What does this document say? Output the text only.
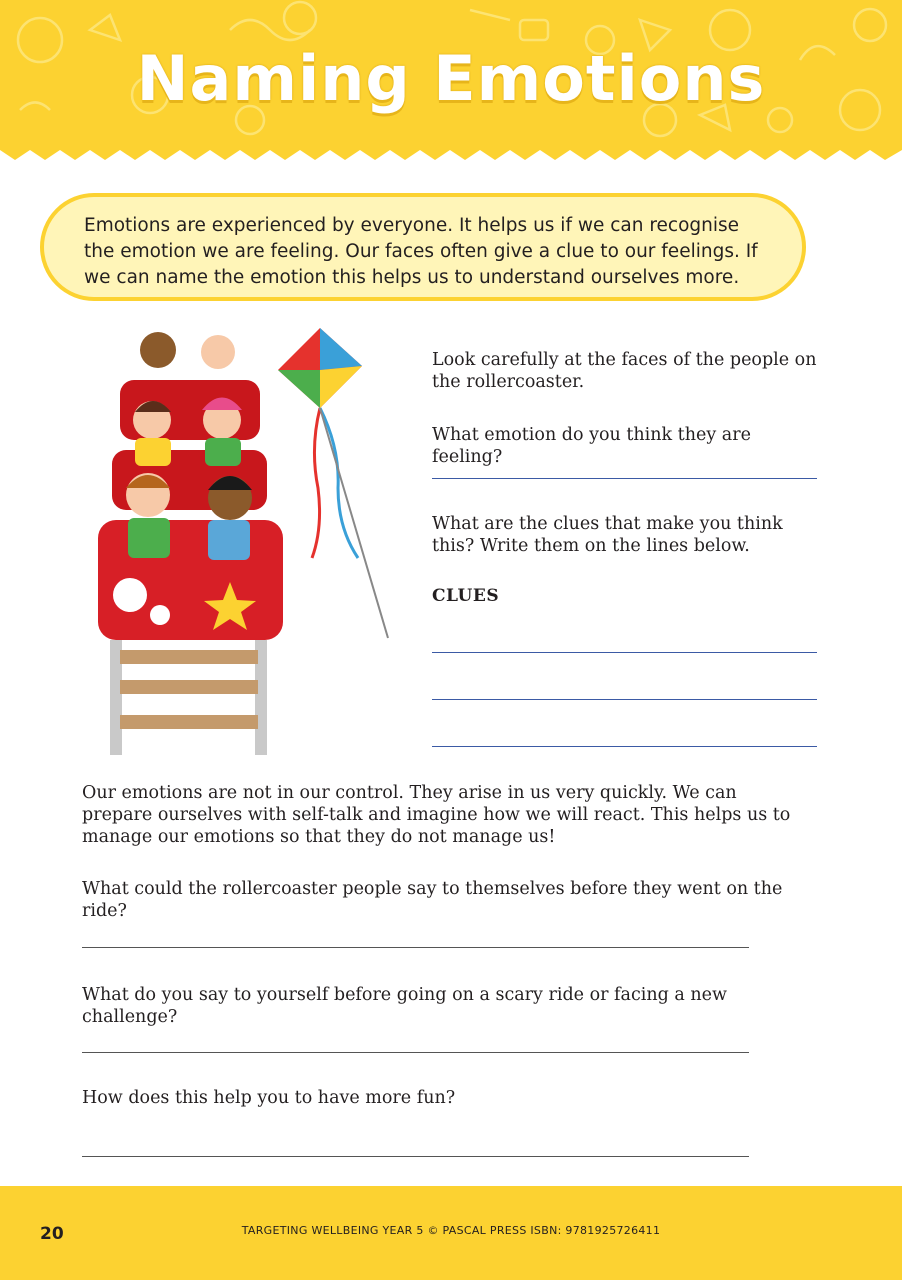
Naming Emotions
Emotions are experienced by everyone. It helps us if we can recognise the emotion we are feeling. Our faces often give a clue to our feelings. If we can name the emotion this helps us to understand ourselves more.
Look carefully at the faces of the people on the rollercoaster.
What emotion do you think they are feeling?
What are the clues that make you think this? Write them on the lines below.
CLUES
Our emotions are not in our control. They arise in us very quickly. We can prepare ourselves with self-talk and imagine how we will react. This helps us to manage our emotions so that they do not manage us!
What could the rollercoaster people say to themselves before they went on the ride?
What do you say to yourself before going on a scary ride or facing a new challenge?
How does this help you to have more fun?
20	TARGETING WELLBEING YEAR 5 © PASCAL PRESS ISBN: 9781925726411
